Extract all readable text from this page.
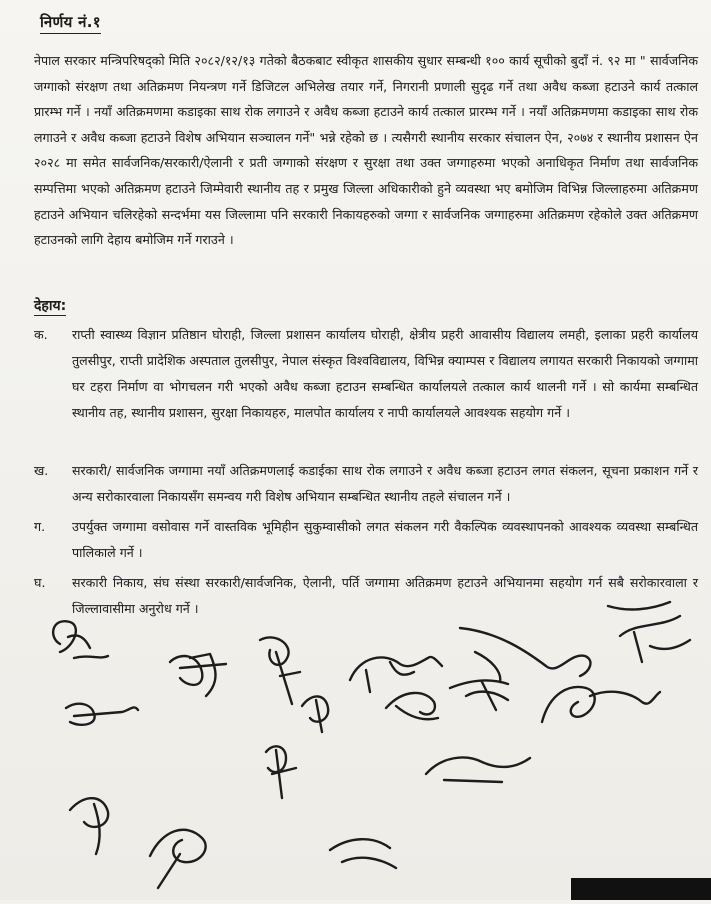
निर्णय नं.१
नेपाल सरकार मन्त्रिपरिषद्को मिति २०८२/१२/१३ गतेको बैठकबाट स्वीकृत शासकीय सुधार सम्बन्धी १०० कार्य सूचीको बुदाँ नं. ९२ मा " सार्वजनिक जग्गाको संरक्षण तथा अतिक्रमण नियन्त्रण गर्ने डिजिटल अभिलेख तयार गर्ने, निगरानी प्रणाली सुदृढ गर्ने तथा अवैध कब्जा हटाउने कार्य तत्काल प्रारम्भ गर्ने । नयाँ अतिक्रमणमा कडाइका साथ रोक लगाउने र अवैध कब्जा हटाउने कार्य तत्काल प्रारम्भ गर्ने । नयाँ अतिक्रमणमा कडाइका साथ रोक लगाउने र अवैध कब्जा हटाउने विशेष अभियान सञ्चालन गर्ने" भन्ने रहेको छ । त्यसैगरी स्थानीय सरकार संचालन ऐन, २०७४ र स्थानीय प्रशासन ऐन २०२८ मा समेत सार्वजनिक/सरकारी/ऐलानी र प्रती जग्गाको संरक्षण र सुरक्षा तथा उक्त जग्गाहरुमा भएको अनाधिकृत निर्माण तथा सार्वजनिक सम्पत्तिमा भएको अतिक्रमण हटाउने जिम्मेवारी स्थानीय तह र प्रमुख जिल्ला अधिकारीको हुने व्यवस्था भए बमोजिम विभिन्न जिल्लाहरुमा अतिक्रमण हटाउने अभियान चलिरहेको सन्दर्भमा यस जिल्लामा पनि सरकारी निकायहरुको जग्गा र सार्वजनिक जग्गाहरुमा अतिक्रमण रहेकोले उक्त अतिक्रमण हटाउनको लागि देहाय बमोजिम गर्ने गराउने ।
देहाय:
क.	राप्ती स्वास्थ्य विज्ञान प्रतिष्ठान घोराही, जिल्ला प्रशासन कार्यालय घोराही, क्षेत्रीय प्रहरी आवासीय विद्यालय लमही, इलाका प्रहरी कार्यालय तुलसीपुर, राप्ती प्रादेशिक अस्पताल तुलसीपुर, नेपाल संस्कृत विश्वविद्यालय, विभिन्न क्याम्पस र विद्यालय लगायत सरकारी निकायको जग्गामा घर टहरा निर्माण वा भोगचलन गरी भएको अवैध कब्जा हटाउन सम्बन्धित कार्यालयले तत्काल कार्य थालनी गर्ने । सो कार्यमा सम्बन्धित स्थानीय तह, स्थानीय प्रशासन, सुरक्षा निकायहरु, मालपोत कार्यालय र नापी कार्यालयले आवश्यक सहयोग गर्ने ।
ख.	सरकारी/ सार्वजनिक जग्गामा नयाँ अतिक्रमणलाई कडाईका साथ रोक लगाउने र अवैध कब्जा हटाउन लगत संकलन, सूचना प्रकाशन गर्ने र अन्य सरोकारवाला निकायसँग समन्वय गरी विशेष अभियान सम्बन्धित स्थानीय तहले संचालन गर्ने ।
ग.	उपर्युक्त जग्गामा वसोवास गर्ने वास्तविक भूमिहीन सुकुम्वासीको लगत संकलन गरी वैकल्पिक व्यवस्थापनको आवश्यक व्यवस्था सम्बन्धित पालिकाले गर्ने ।
घ.	सरकारी निकाय, संघ संस्था सरकारी/सार्वजनिक, ऐलानी, पर्ति जग्गामा अतिक्रमण हटाउने अभियानमा सहयोग गर्न सबै सरोकारवाला र जिल्लावासीमा अनुरोध गर्ने ।
